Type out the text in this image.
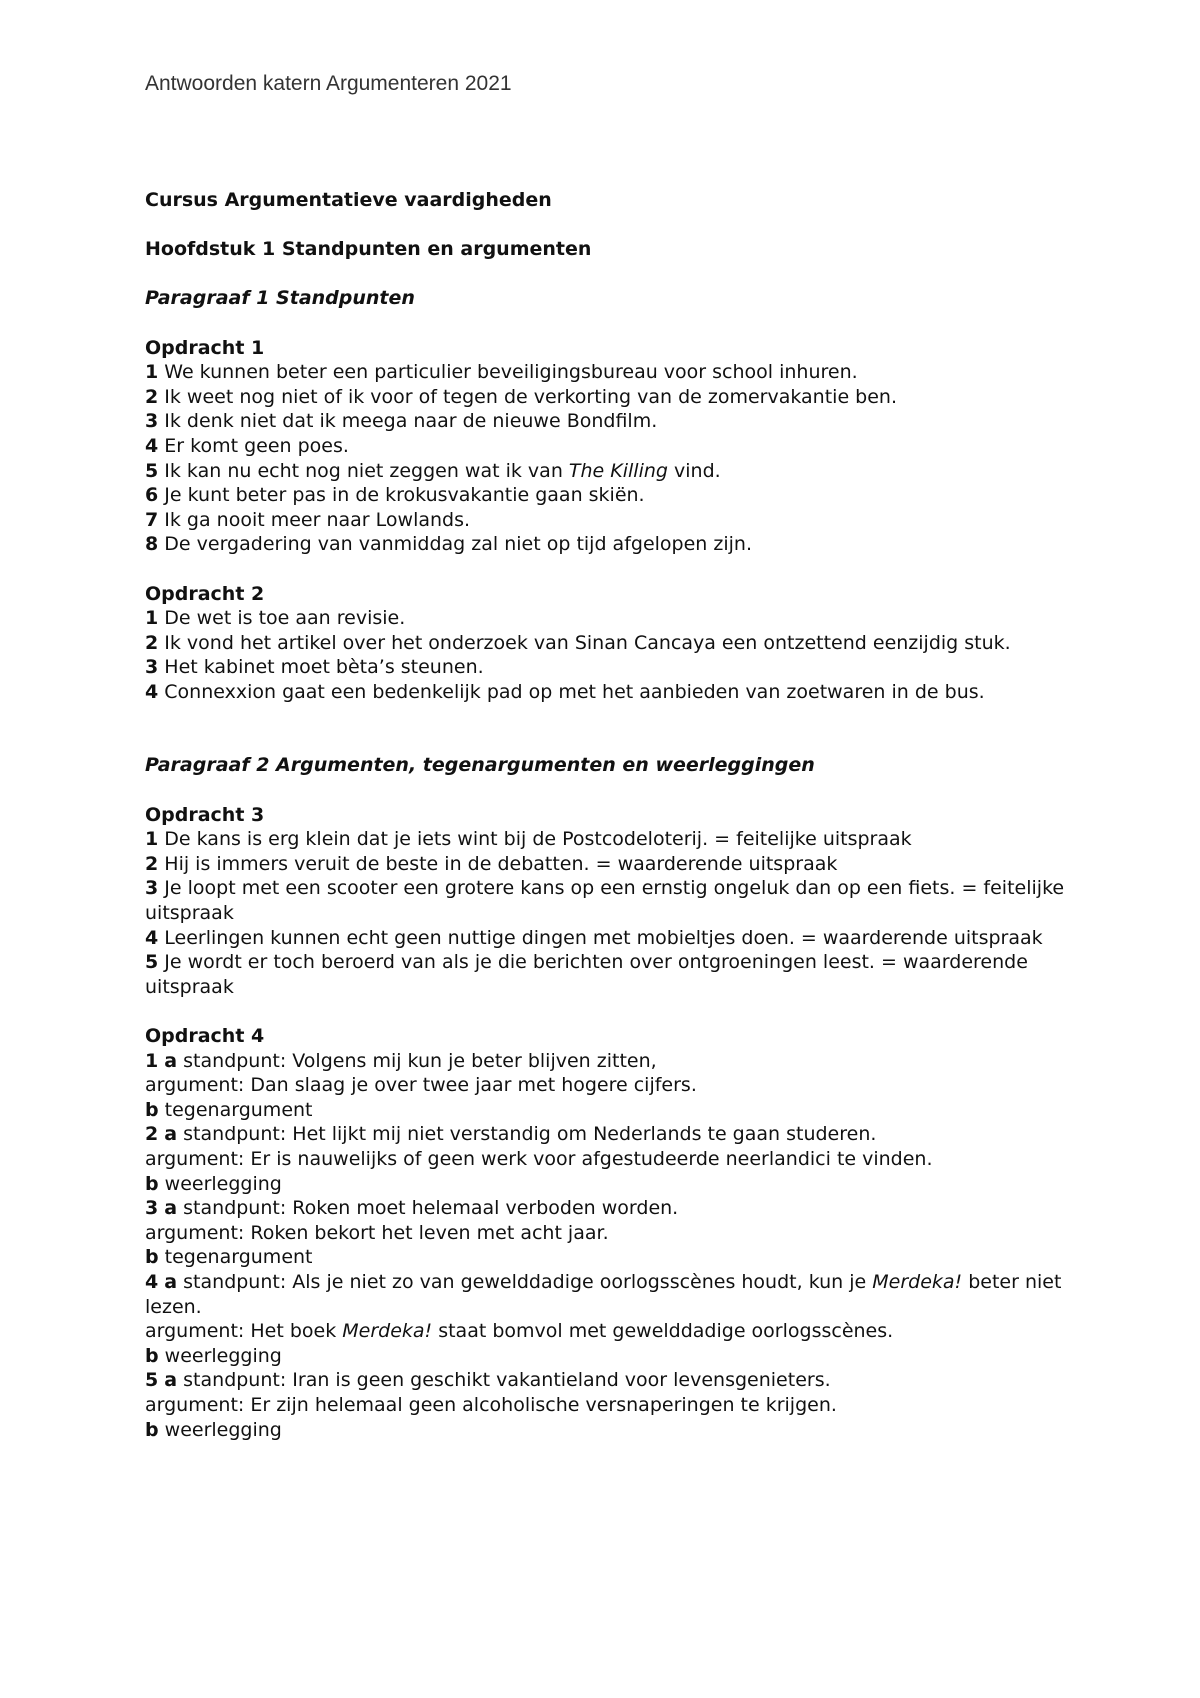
Antwoorden katern Argumenteren 2021
Cursus Argumentatieve vaardigheden
Hoofdstuk 1 Standpunten en argumenten
Paragraaf 1 Standpunten
Opdracht 1
1 We kunnen beter een particulier beveiligingsbureau voor school inhuren.
2 Ik weet nog niet of ik voor of tegen de verkorting van de zomervakantie ben.
3 Ik denk niet dat ik meega naar de nieuwe Bondfilm.
4 Er komt geen poes.
5 Ik kan nu echt nog niet zeggen wat ik van The Killing vind.
6 Je kunt beter pas in de krokusvakantie gaan skiën.
7 Ik ga nooit meer naar Lowlands.
8 De vergadering van vanmiddag zal niet op tijd afgelopen zijn.
Opdracht 2
1 De wet is toe aan revisie.
2 Ik vond het artikel over het onderzoek van Sinan Cancaya een ontzettend eenzijdig stuk.
3 Het kabinet moet bèta’s steunen.
4 Connexxion gaat een bedenkelijk pad op met het aanbieden van zoetwaren in de bus.
Paragraaf 2 Argumenten, tegenargumenten en weerleggingen
Opdracht 3
1 De kans is erg klein dat je iets wint bij de Postcodeloterij. = feitelijke uitspraak
2 Hij is immers veruit de beste in de debatten. = waarderende uitspraak
3 Je loopt met een scooter een grotere kans op een ernstig ongeluk dan op een fiets. = feitelijke uitspraak
4 Leerlingen kunnen echt geen nuttige dingen met mobieltjes doen. = waarderende uitspraak
5 Je wordt er toch beroerd van als je die berichten over ontgroeningen leest. = waarderende uitspraak
Opdracht 4
1 a standpunt: Volgens mij kun je beter blijven zitten,
argument: Dan slaag je over twee jaar met hogere cijfers.
b tegenargument
2 a standpunt: Het lijkt mij niet verstandig om Nederlands te gaan studeren.
argument: Er is nauwelijks of geen werk voor afgestudeerde neerlandici te vinden.
b weerlegging
3 a standpunt: Roken moet helemaal verboden worden.
argument: Roken bekort het leven met acht jaar.
b tegenargument
4 a standpunt: Als je niet zo van gewelddadige oorlogsscènes houdt, kun je Merdeka! beter niet lezen.
argument: Het boek Merdeka! staat bomvol met gewelddadige oorlogsscènes.
b weerlegging
5 a standpunt: Iran is geen geschikt vakantieland voor levensgenieters.
argument: Er zijn helemaal geen alcoholische versnaperingen te krijgen.
b weerlegging
